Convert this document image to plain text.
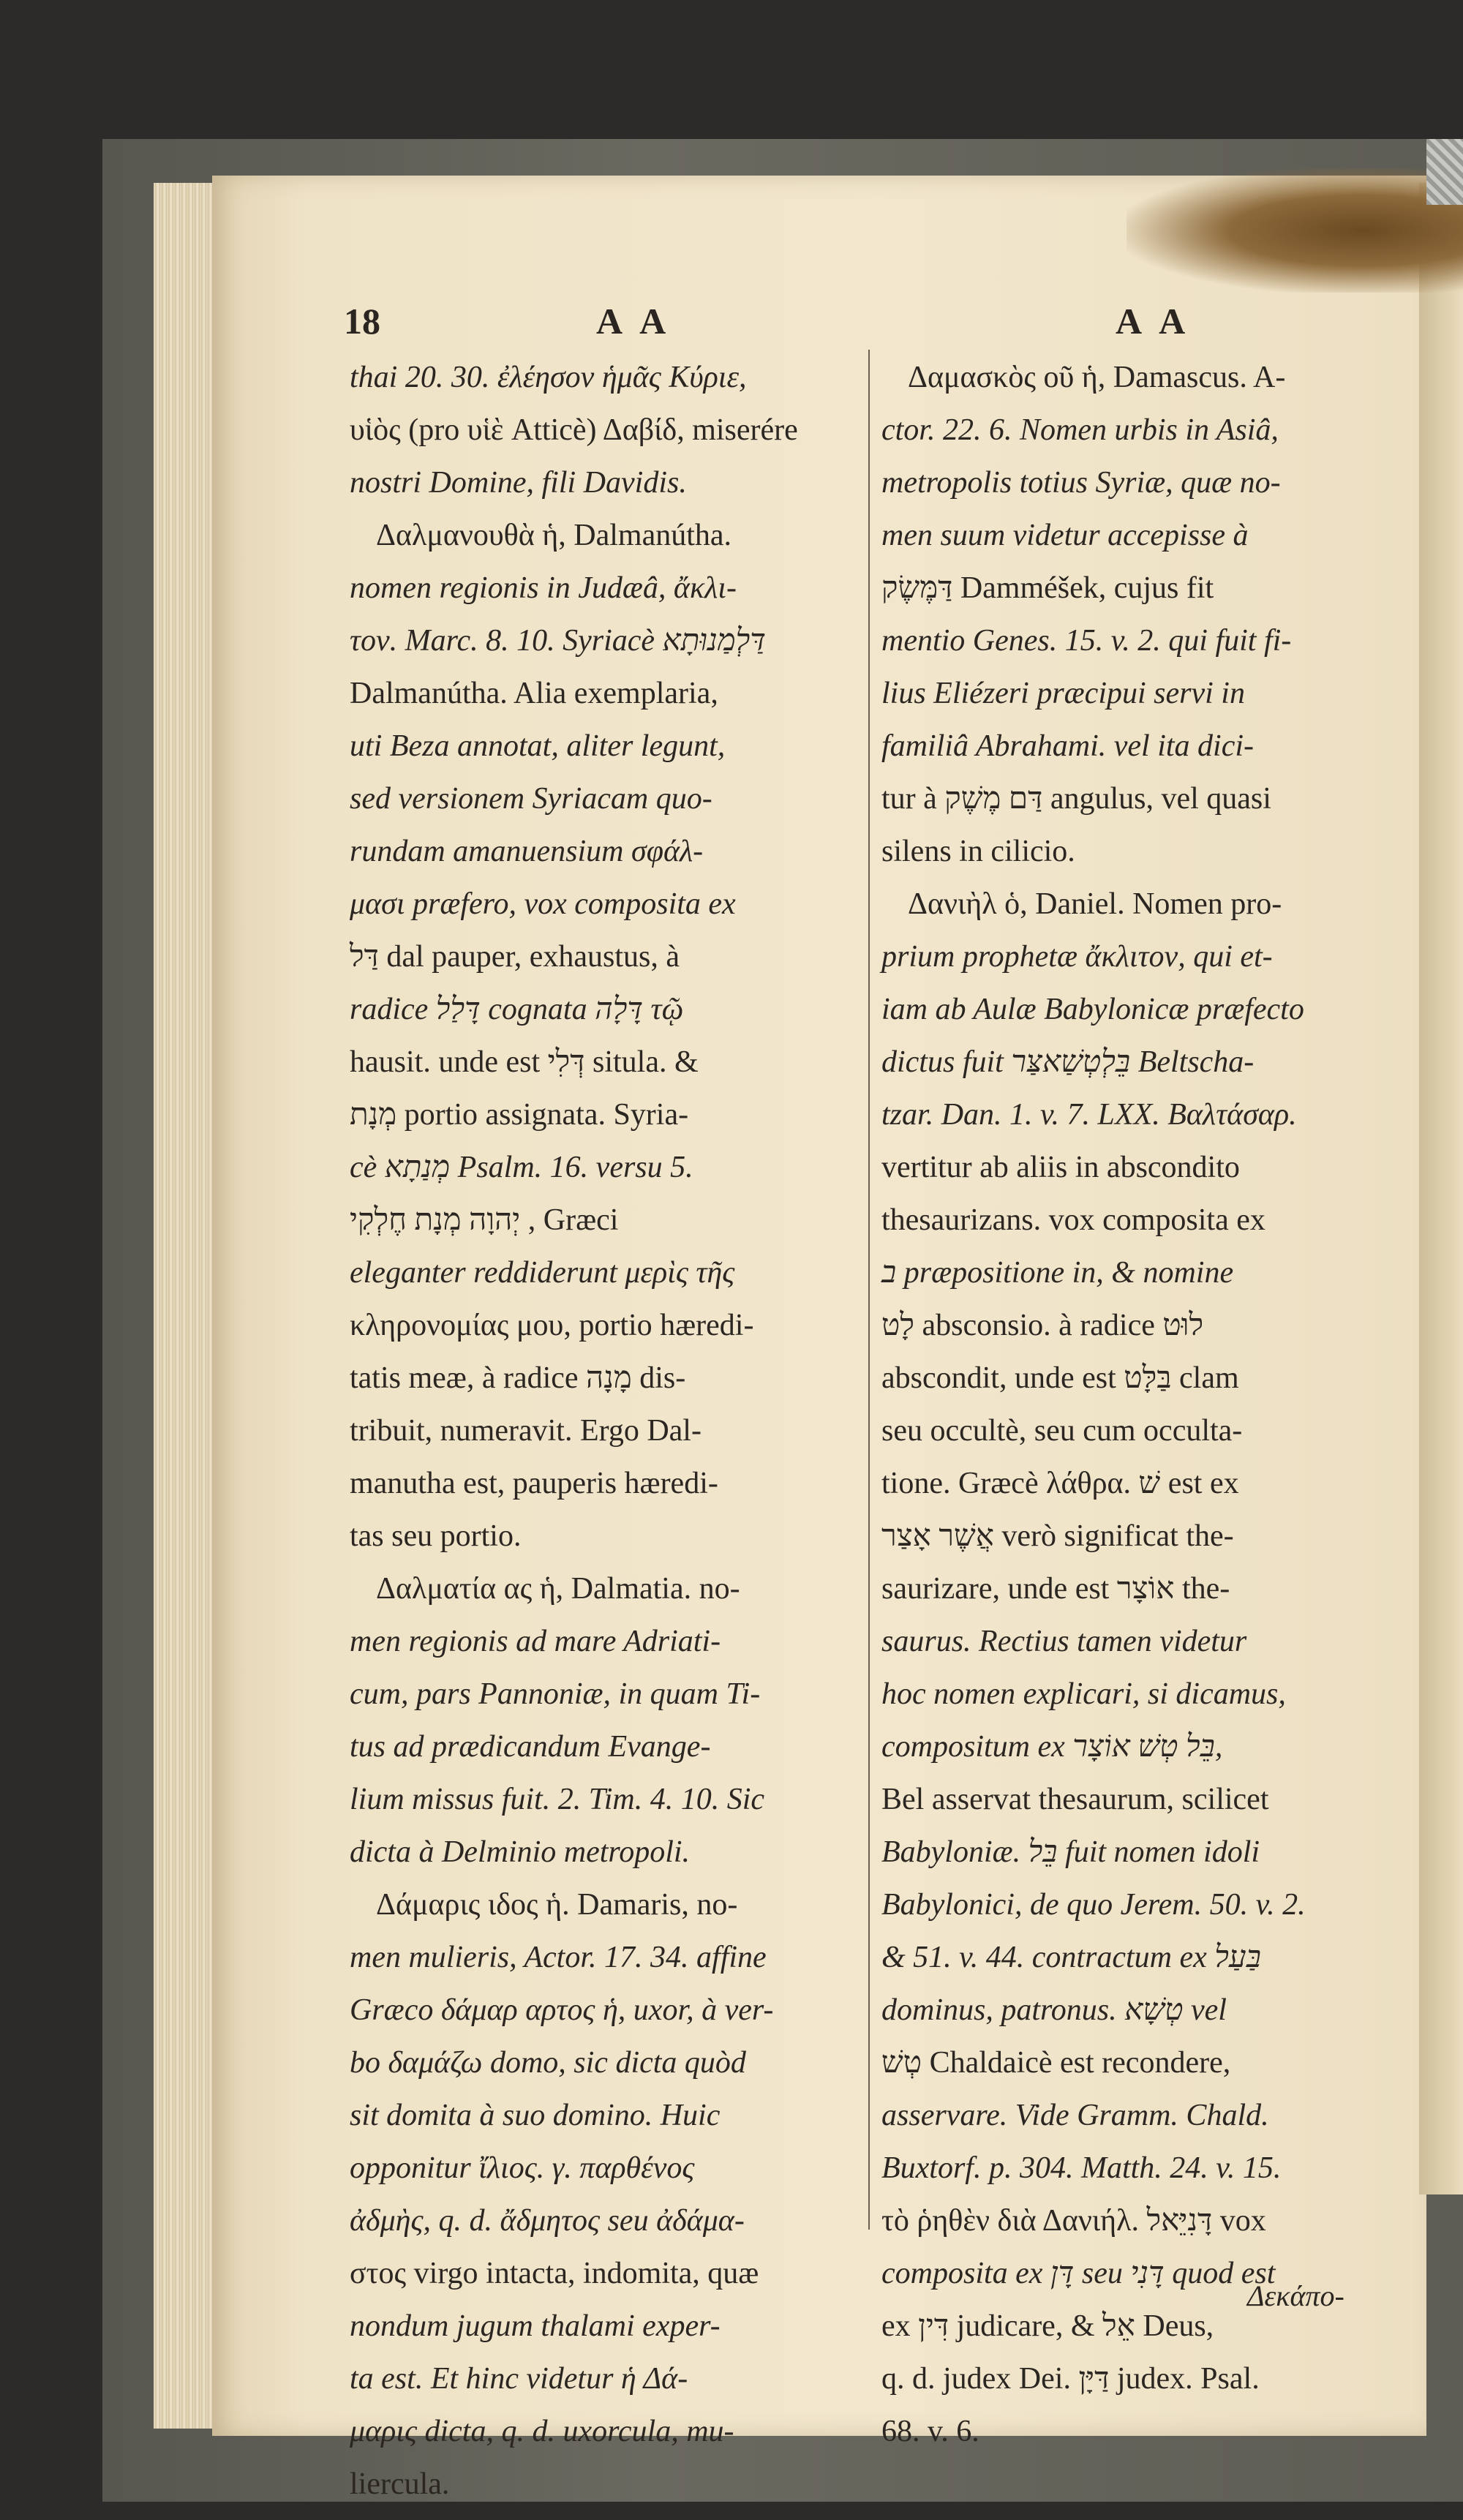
18	A A	A A
thai 20. 30. ἐλέησον ἡμᾶς Κύριε,
υἱὸς (pro υἱὲ Atticè) Δαβίδ, miserére
nostri Domine, fili Davidis.
Δαλμανουθὰ ἡ, Dalmanútha.
nomen regionis in Judæâ, ἄκλι-
τον. Marc. 8. 10. Syriacè דַּלְמַנוּתָא
Dalmanútha. Alia exemplaria,
uti Beza annotat, aliter legunt,
sed versionem Syriacam quo-
rundam amanuensium σφάλ-
μασι præfero, vox composita ex
דַּל dal pauper, exhaustus, à
radice דָּלַל cognata דָּלָה τῷ
hausit. unde est דְּלִי situla. &
מְנָת portio assignata. Syria-
cè מְנַתָא Psalm. 16. versu 5.
יְהוָה מְנָת חֶלְקִי , Græci
eleganter reddiderunt μερὶς τῆς
κληρονομίας μου, portio hæredi-
tatis meæ, à radice מָנָה dis-
tribuit, numeravit. Ergo Dal-
manutha est, pauperis hæredi-
tas seu portio.
Δαλματία ας ἡ, Dalmatia. no-
men regionis ad mare Adriati-
cum, pars Pannoniæ, in quam Ti-
tus ad prædicandum Evange-
lium missus fuit. 2. Tim. 4. 10. Sic
dicta à Delminio metropoli.
Δάμαρις ιδος ἡ. Damaris, no-
men mulieris, Actor. 17. 34. affine
Græco δάμαρ αρτος ἡ, uxor, à ver-
bo δαμάζω domo, sic dicta quòd
sit domita à suo domino. Huic
opponitur ἴλιος. γ. παρθένος
ἀδμὴς, q. d. ἄδμητος seu ἀδάμα-
στος virgo intacta, indomita, quæ
nondum jugum thalami exper-
ta est. Et hinc videtur ἡ Δά-
μαρις dicta, q. d. uxorcula, mu-
liercula.
Δαμασκὸς οῦ ἡ, Damascus. A-
ctor. 22. 6. Nomen urbis in Asiâ,
metropolis totius Syriæ, quæ no-
men suum videtur accepisse à
דַּמֶּשֶׂק Damméšek, cujus fit
mentio Genes. 15. v. 2. qui fuit fi-
lius Eliézeri præcipui servi in
familiâ Abrahami. vel ita dici-
tur à דַּם מֶשֶׁק angulus, vel quasi
silens in cilicio.
Δανιὴλ ὁ, Daniel. Nomen pro-
prium prophetæ ἄκλιτον, qui et-
iam ab Aulæ Babylonicæ præfecto
dictus fuit בֵּלְטְשַׁאצַּר Beltscha-
tzar. Dan. 1. v. 7. LXX. Βαλτάσαρ.
vertitur ab aliis in abscondito
thesaurizans. vox composita ex
ב præpositione in, & nomine
לָט absconsio. à radice לוּט
abscondit, unde est בַּלָּט clam
seu occultè, seu cum occulta-
tione. Græcè λάθρα. שׁ est ex
אֲשֶׁר אָצַר verò significat the-
saurizare, unde est אוֹצָר the-
saurus. Rectius tamen videtur
hoc nomen explicari, si dicamus,
compositum ex בֵּל טְשׁ אוֹצָר,
Bel asservat thesaurum, scilicet
Babyloniæ. בֵּל fuit nomen idoli
Babylonici, de quo Jerem. 50. v. 2.
& 51. v. 44. contractum ex בַּעַל
dominus, patronus. טְשָׁא vel
טְשׁ Chaldaicè est recondere,
asservare. Vide Gramm. Chald.
Buxtorf. p. 304. Matth. 24. v. 15.
τὸ ῥηθὲν διὰ Δανιήλ. דָּנִיֵּאל vox
composita ex דָּן seu דָּנִי quod est
ex דִּין judicare, & אֵל Deus,
q. d. judex Dei. דַּיָּן judex. Psal.
68. v. 6.
Δεκάπο-
